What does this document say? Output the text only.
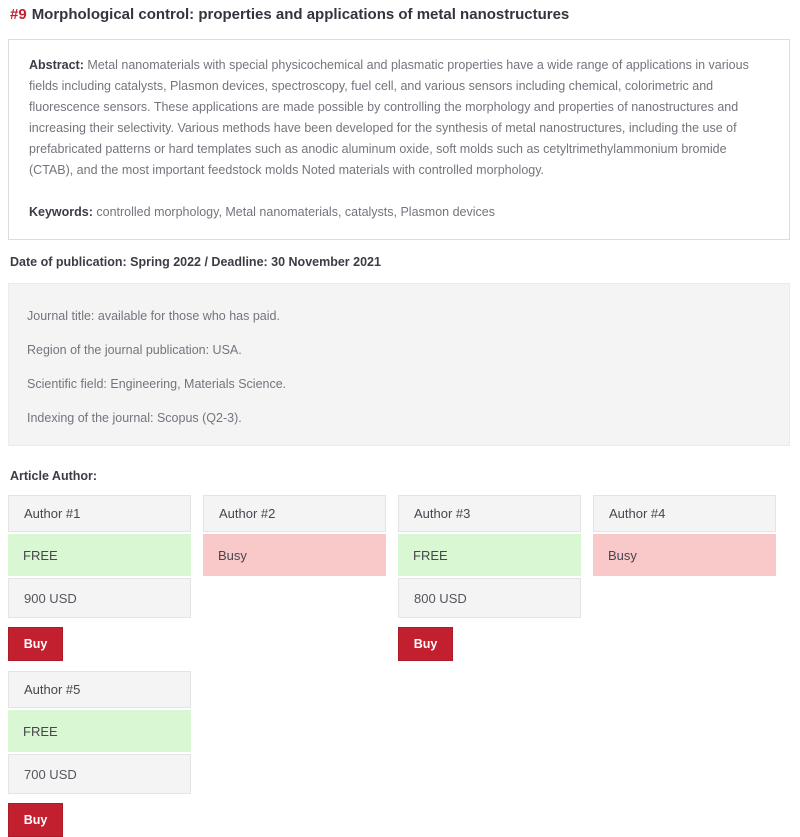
#9 Morphological control: properties and applications of metal nanostructures

Abstract: Metal nanomaterials with special physicochemical and plasmatic properties have a wide range of applications in various fields including catalysts, Plasmon devices, spectroscopy, fuel cell, and various sensors including chemical, colorimetric and fluorescence sensors. These applications are made possible by controlling the morphology and properties of nanostructures and increasing their selectivity. Various methods have been developed for the synthesis of metal nanostructures, including the use of prefabricated patterns or hard templates such as anodic aluminum oxide, soft molds such as cetyltrimethylammonium bromide (CTAB), and the most important feedstock molds Noted materials with controlled morphology.

Keywords: controlled morphology, Metal nanomaterials, catalysts, Plasmon devices

Date of publication: Spring 2022 / Deadline: 30 November 2021

Journal title: available for those who has paid.

Region of the journal publication: USA.

Scientific field: Engineering, Materials Science.

Indexing of the journal: Scopus (Q2-3).

Article Author:
Author #1
FREE
900 USD
Buy
Author #2
Busy
Author #3
FREE
800 USD
Buy
Author #4
Busy
Author #5
FREE
700 USD
Buy
